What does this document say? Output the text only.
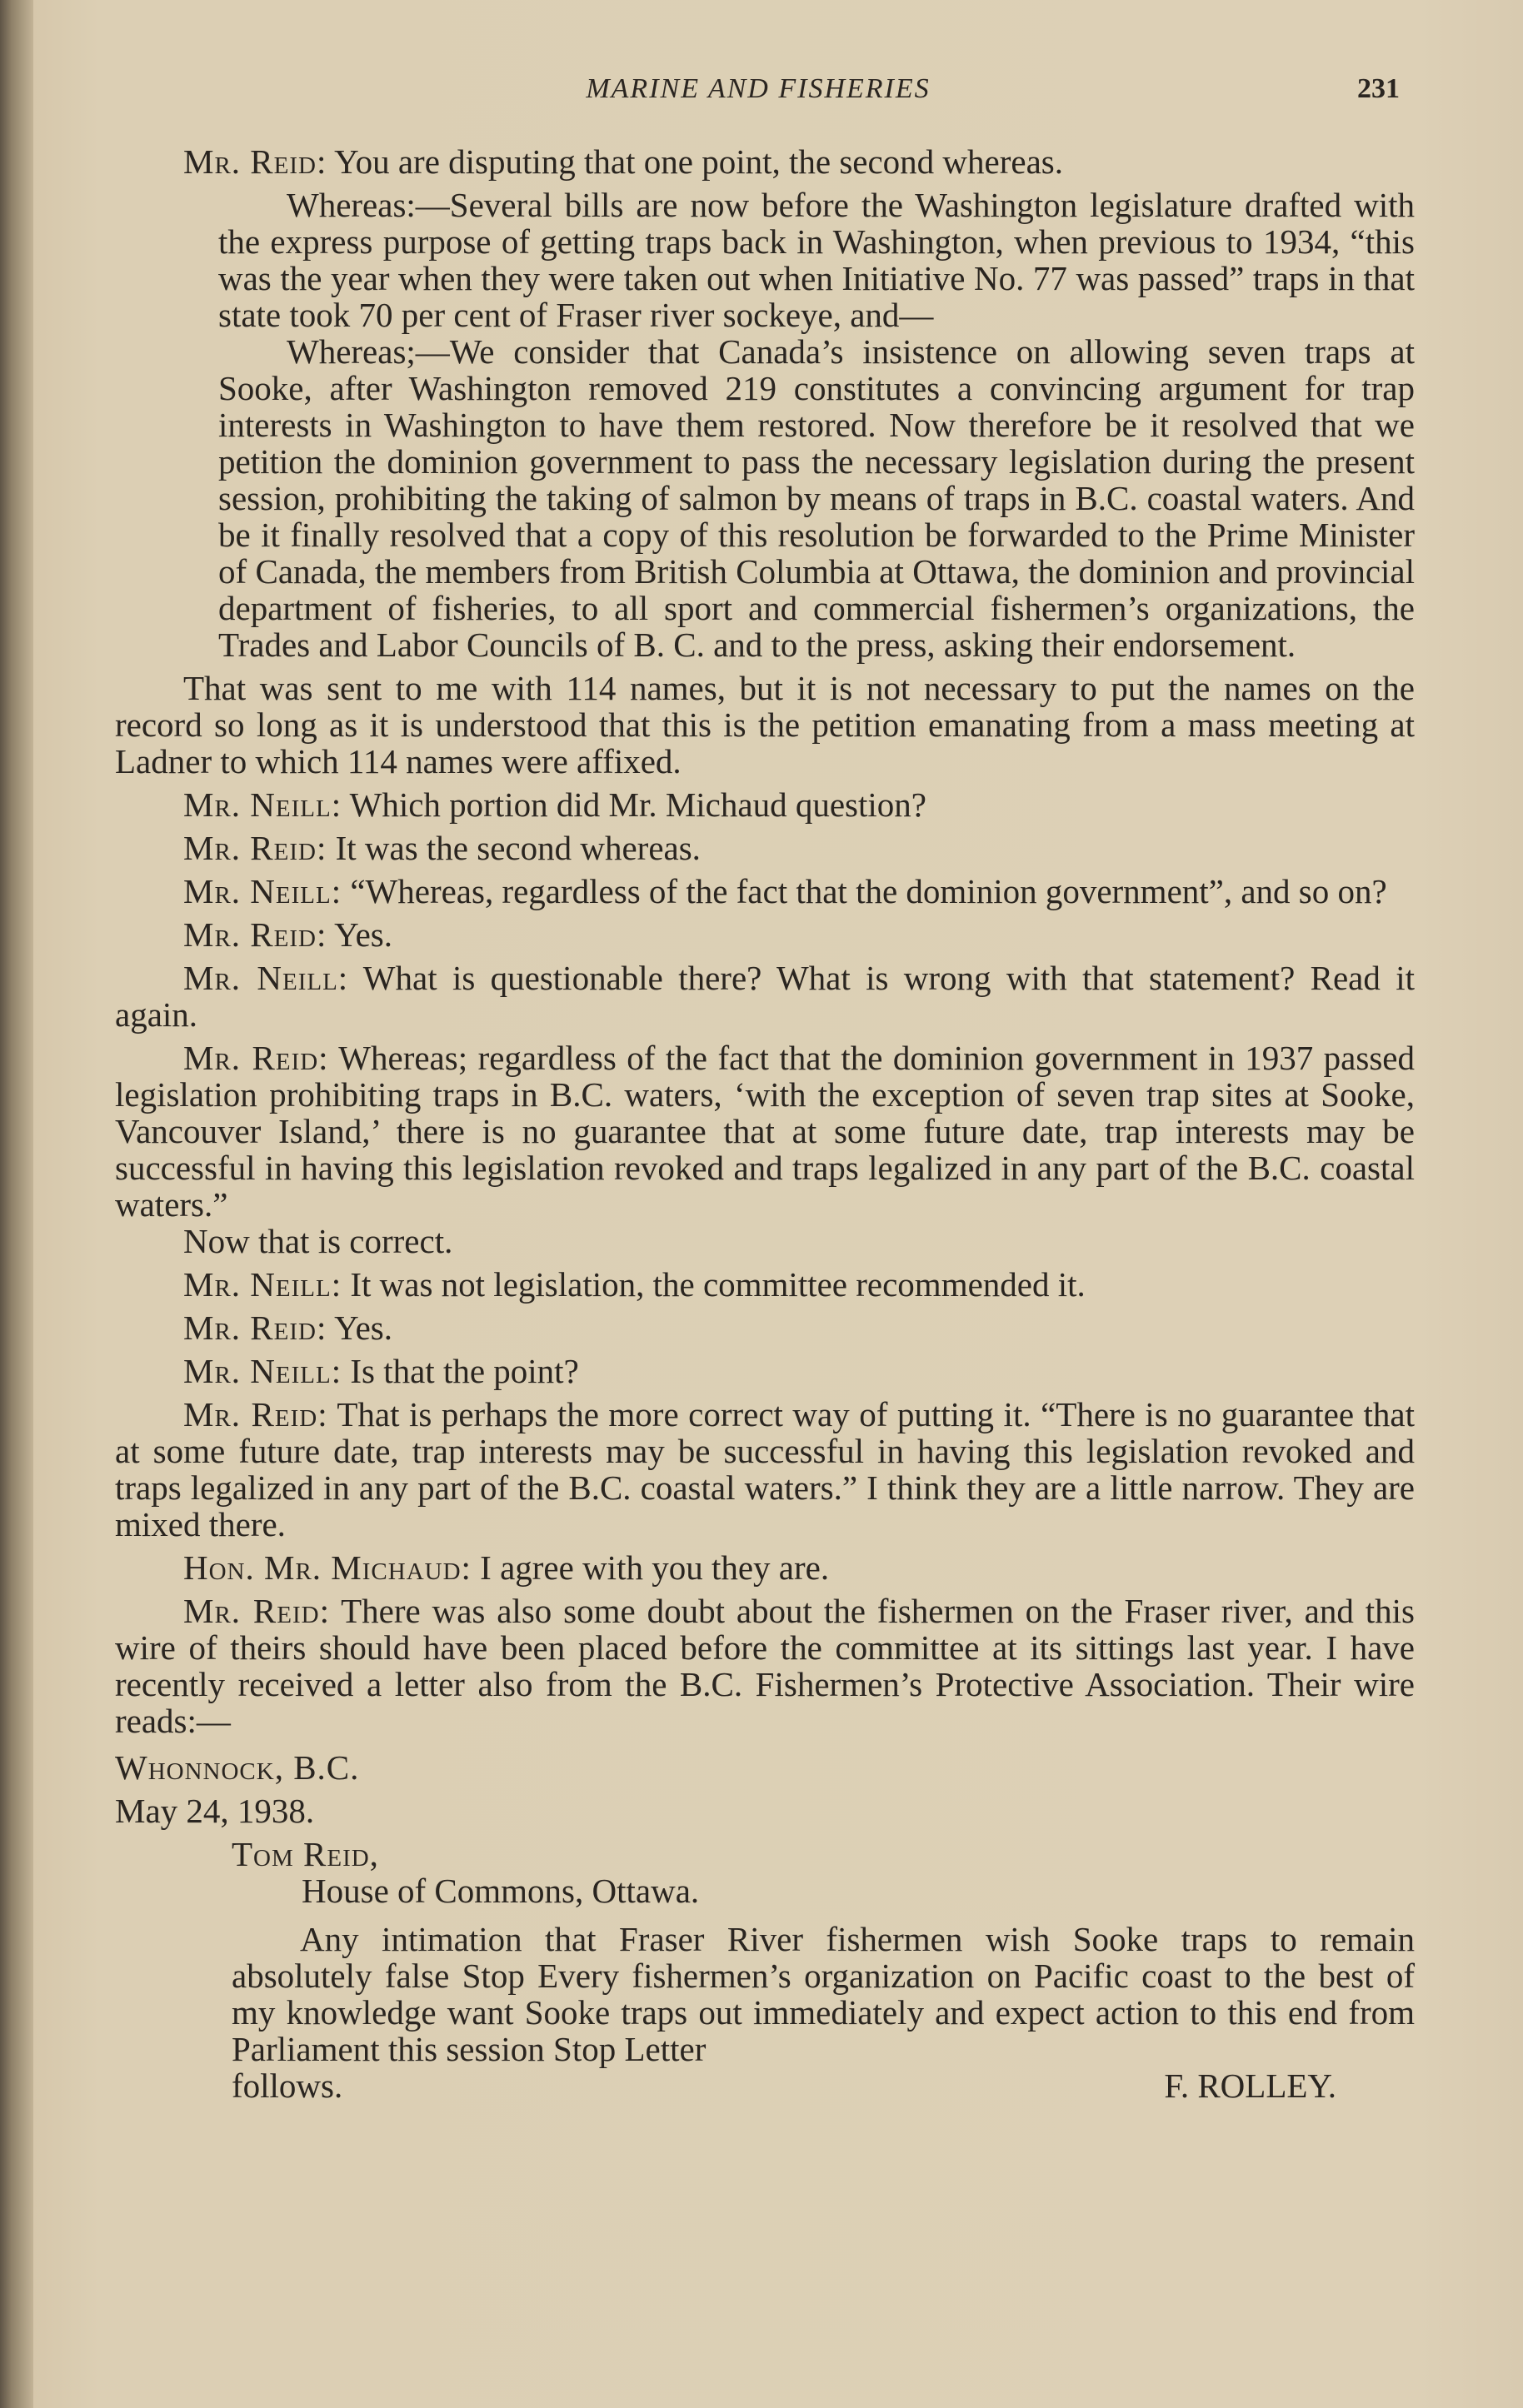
MARINE AND FISHERIES	231

Mr. Reid: You are disputing that one point, the second whereas.

Whereas:—Several bills are now before the Washington legislature drafted with the express purpose of getting traps back in Washington, when previous to 1934, “this was the year when they were taken out when Initiative No. 77 was passed” traps in that state took 70 per cent of Fraser river sockeye, and—

Whereas;—We consider that Canada’s insistence on allowing seven traps at Sooke, after Washington removed 219 constitutes a convincing argument for trap interests in Washington to have them restored. Now therefore be it resolved that we petition the dominion government to pass the necessary legislation during the present session, prohibiting the taking of salmon by means of traps in B.C. coastal waters. And be it finally resolved that a copy of this resolution be forwarded to the Prime Minister of Canada, the members from British Columbia at Ottawa, the dominion and provincial department of fisheries, to all sport and commercial fishermen’s organizations, the Trades and Labor Councils of B. C. and to the press, asking their endorsement.

That was sent to me with 114 names, but it is not necessary to put the names on the record so long as it is understood that this is the petition emanating from a mass meeting at Ladner to which 114 names were affixed.

Mr. Neill: Which portion did Mr. Michaud question?

Mr. Reid: It was the second whereas.

Mr. Neill: “Whereas, regardless of the fact that the dominion government”, and so on?

Mr. Reid: Yes.

Mr. Neill: What is questionable there? What is wrong with that statement? Read it again.

Mr. Reid: Whereas; regardless of the fact that the dominion government in 1937 passed legislation prohibiting traps in B.C. waters, ‘with the exception of seven trap sites at Sooke, Vancouver Island,’ there is no guarantee that at some future date, trap interests may be successful in having this legislation revoked and traps legalized in any part of the B.C. coastal waters.”

Now that is correct.

Mr. Neill: It was not legislation, the committee recommended it.

Mr. Reid: Yes.

Mr. Neill: Is that the point?

Mr. Reid: That is perhaps the more correct way of putting it. “There is no guarantee that at some future date, trap interests may be successful in having this legislation revoked and traps legalized in any part of the B.C. coastal waters.” I think they are a little narrow. They are mixed there.

Hon. Mr. Michaud: I agree with you they are.

Mr. Reid: There was also some doubt about the fishermen on the Fraser river, and this wire of theirs should have been placed before the committee at its sittings last year. I have recently received a letter also from the B.C. Fishermen’s Protective Association. Their wire reads:—

Whonnock, B.C.

May 24, 1938.

Tom Reid,

House of Commons, Ottawa.

Any intimation that Fraser River fishermen wish Sooke traps to remain absolutely false Stop Every fishermen’s organization on Pacific coast to the best of my knowledge want Sooke traps out immediately and expect action to this end from Parliament this session Stop Letter

follows.	F. ROLLEY.
